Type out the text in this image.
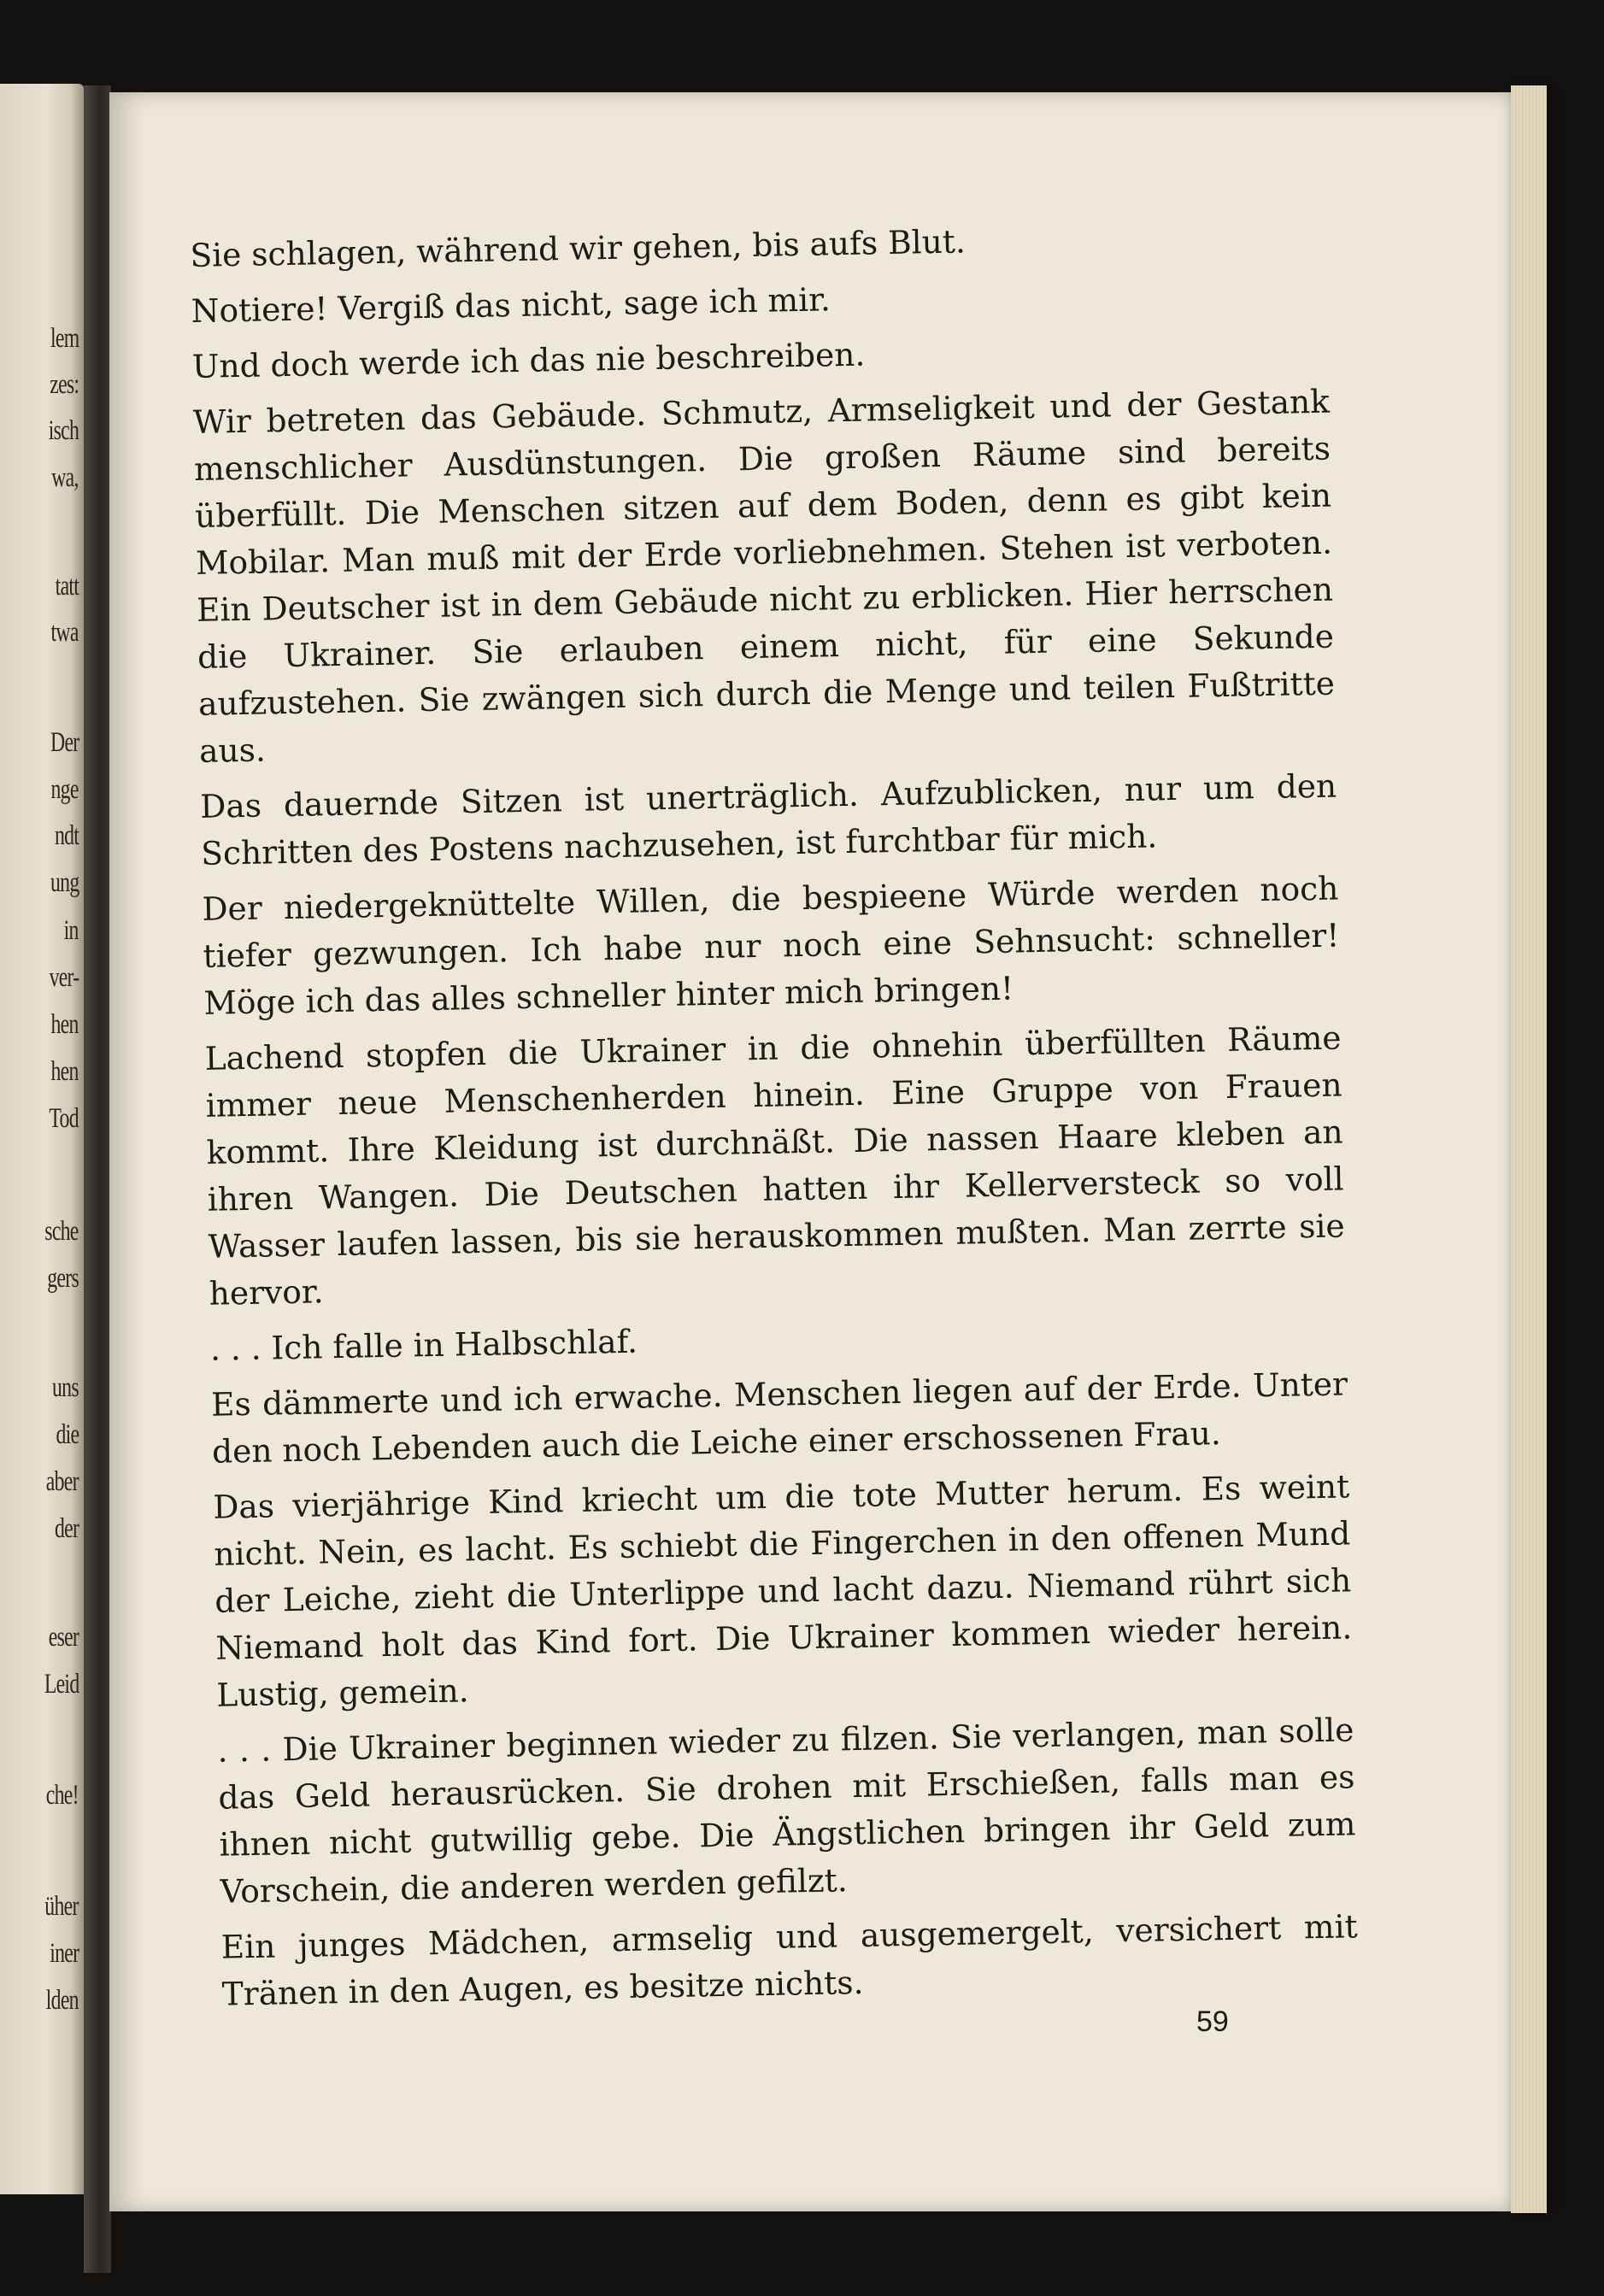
lem
zes:
isch
wa,
tatt
twa
Der
nge
ndt
ung
in
ver-
hen
hen
Tod
sche
gers
uns
die
aber
der
eser
Leid
che!
üher
iner
lden

Sie schlagen, während wir gehen, bis aufs Blut.

Notiere! Vergiß das nicht, sage ich mir.

Und doch werde ich das nie beschreiben.

Wir betreten das Gebäude. Schmutz, Armseligkeit und der Gestank menschlicher Ausdünstungen. Die großen Räume sind bereits überfüllt. Die Menschen sitzen auf dem Boden, denn es gibt kein Mobilar. Man muß mit der Erde vorliebnehmen. Stehen ist verboten. Ein Deutscher ist in dem Gebäude nicht zu erblicken. Hier herrschen die Ukrainer. Sie erlauben einem nicht, für eine Sekunde aufzustehen. Sie zwängen sich durch die Menge und teilen Fußtritte aus.

Das dauernde Sitzen ist unerträglich. Aufzublicken, nur um den Schritten des Postens nachzusehen, ist furchtbar für mich.

Der niedergeknüttelte Willen, die bespieene Würde werden noch tiefer gezwungen. Ich habe nur noch eine Sehnsucht: schneller! Möge ich das alles schneller hinter mich bringen!

Lachend stopfen die Ukrainer in die ohnehin überfüllten Räume immer neue Menschenherden hinein. Eine Gruppe von Frauen kommt. Ihre Kleidung ist durchnäßt. Die nassen Haare kleben an ihren Wangen. Die Deutschen hatten ihr Kellerversteck so voll Wasser laufen lassen, bis sie herauskommen mußten. Man zerrte sie hervor.

. . . Ich falle in Halbschlaf.

Es dämmerte und ich erwache. Menschen liegen auf der Erde. Unter den noch Lebenden auch die Leiche einer erschossenen Frau.

Das vierjährige Kind kriecht um die tote Mutter herum. Es weint nicht. Nein, es lacht. Es schiebt die Fingerchen in den offenen Mund der Leiche, zieht die Unterlippe und lacht dazu. Niemand rührt sich Niemand holt das Kind fort. Die Ukrainer kommen wieder herein. Lustig, gemein.

. . . Die Ukrainer beginnen wieder zu filzen. Sie verlangen, man solle das Geld herausrücken. Sie drohen mit Erschießen, falls man es ihnen nicht gutwillig gebe. Die Ängstlichen bringen ihr Geld zum Vorschein, die anderen werden gefilzt.

Ein junges Mädchen, armselig und ausgemergelt, versichert mit Tränen in den Augen, es besitze nichts.

59
